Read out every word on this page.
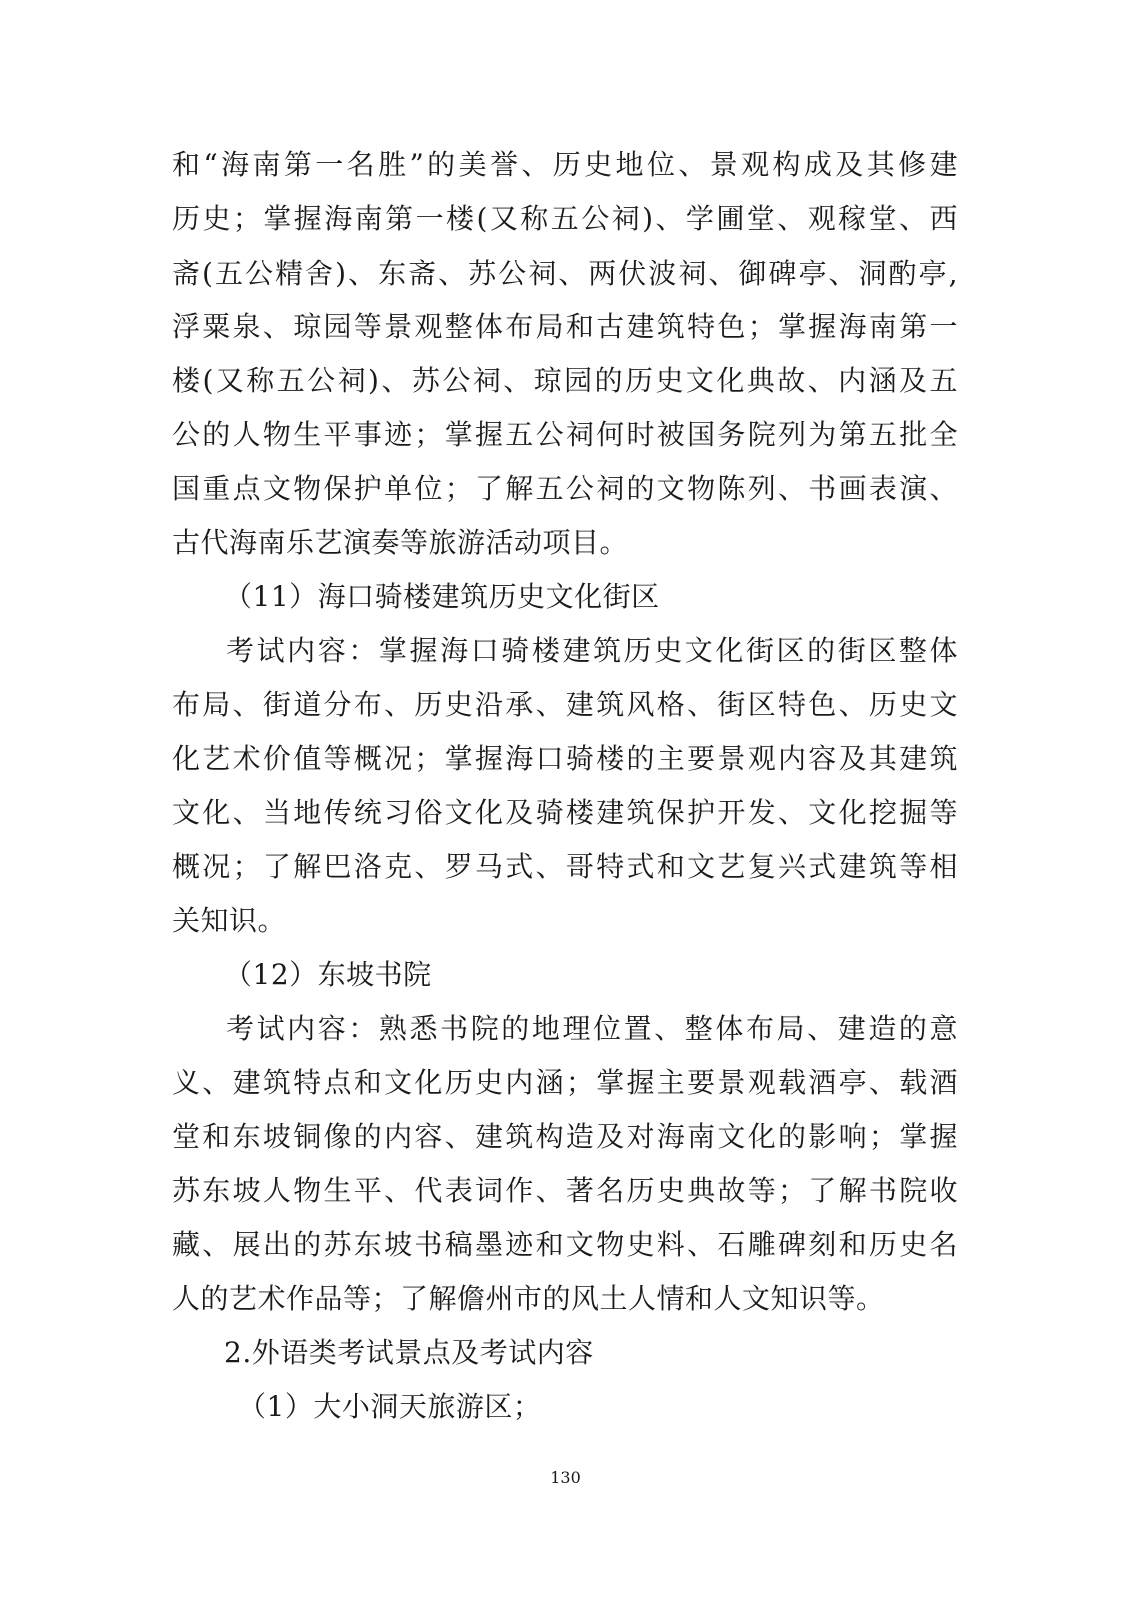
和“海南第一名胜”的美誉、历史地位、景观构成及其修建
历史；掌握海南第一楼(又称五公祠)、学圃堂、观稼堂、西
斋(五公精舍)、东斋、苏公祠、两伏波祠、御碑亭、洞酌亭,
浮粟泉、琼园等景观整体布局和古建筑特色；掌握海南第一
楼(又称五公祠)、苏公祠、琼园的历史文化典故、内涵及五
公的人物生平事迹；掌握五公祠何时被国务院列为第五批全
国重点文物保护单位；了解五公祠的文物陈列、书画表演、
古代海南乐艺演奏等旅游活动项目。
（11）海口骑楼建筑历史文化街区
考试内容：掌握海口骑楼建筑历史文化街区的街区整体
布局、街道分布、历史沿承、建筑风格、街区特色、历史文
化艺术价值等概况；掌握海口骑楼的主要景观内容及其建筑
文化、当地传统习俗文化及骑楼建筑保护开发、文化挖掘等
概况；了解巴洛克、罗马式、哥特式和文艺复兴式建筑等相
关知识。
（12）东坡书院
考试内容：熟悉书院的地理位置、整体布局、建造的意
义、建筑特点和文化历史内涵；掌握主要景观载酒亭、载酒
堂和东坡铜像的内容、建筑构造及对海南文化的影响；掌握
苏东坡人物生平、代表词作、著名历史典故等；了解书院收
藏、展出的苏东坡书稿墨迹和文物史料、石雕碑刻和历史名
人的艺术作品等；了解儋州市的风土人情和人文知识等。
2.外语类考试景点及考试内容
（1）大小洞天旅游区；
130
